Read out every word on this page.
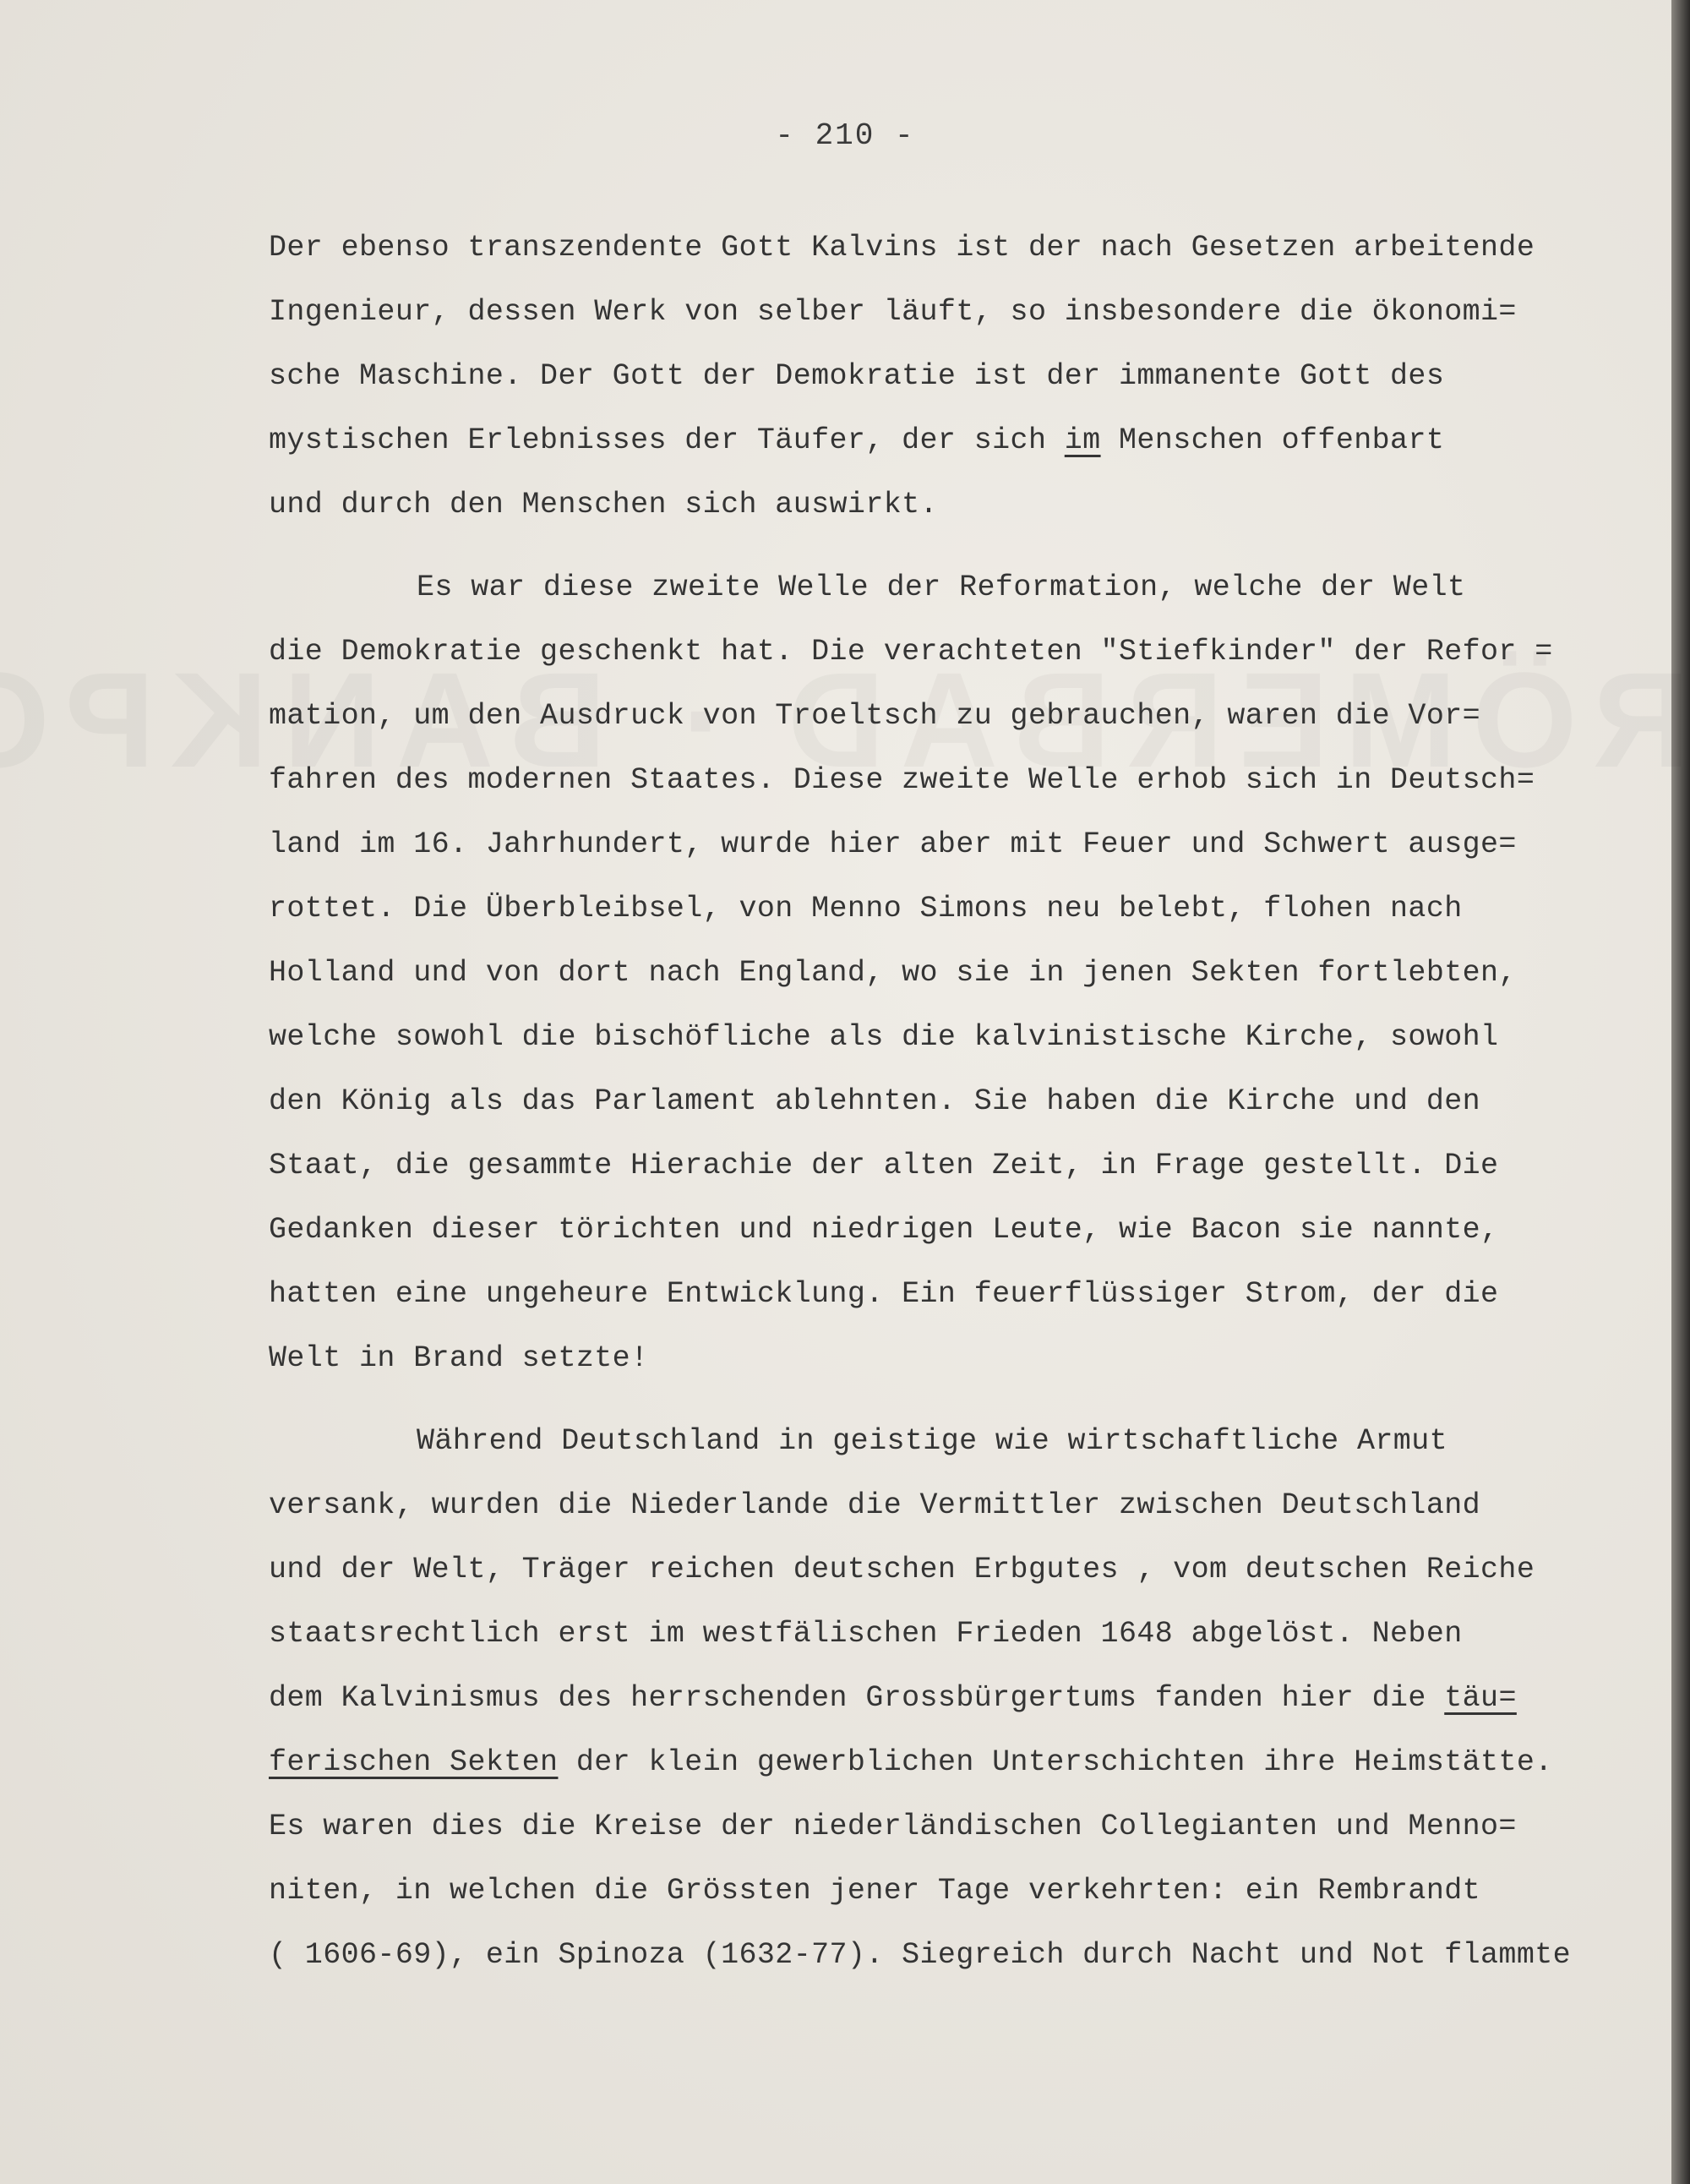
- 210 -
Der ebenso transzendente Gott Kalvins ist der nach Gesetzen arbeitende
Ingenieur, dessen Werk von selber läuft, so insbesondere die ökonomi=
sche Maschine. Der Gott der Demokratie ist der immanente Gott des
mystischen Erlebnisses der Täufer, der sich im Menschen offenbart
und durch den Menschen sich auswirkt.
Es war diese zweite Welle der Reformation, welche der Welt
die Demokratie geschenkt hat. Die verachteten "Stiefkinder" der Refor =
mation, um den Ausdruck von Troeltsch zu gebrauchen, waren die Vor=
fahren des modernen Staates. Diese zweite Welle erhob sich in Deutsch=
land im 16. Jahrhundert, wurde hier aber mit Feuer und Schwert ausge=
rottet. Die Überbleibsel, von Menno Simons neu belebt, flohen nach
Holland und von dort nach England, wo sie in jenen Sekten fortlebten,
welche sowohl die bischöfliche als die kalvinistische Kirche, sowohl
den König als das Parlament ablehnten. Sie haben die Kirche und den
Staat, die gesammte Hierachie der alten Zeit, in Frage gestellt. Die
Gedanken dieser törichten und niedrigen Leute, wie Bacon sie nannte,
hatten eine ungeheure Entwicklung. Ein feuerflüssiger Strom, der die
Welt in Brand setzte!
Während Deutschland in geistige wie wirtschaftliche Armut
versank, wurden die Niederlande die Vermittler zwischen Deutschland
und der Welt, Träger reichen deutschen Erbgutes , vom deutschen Reiche
staatsrechtlich erst im westfälischen Frieden 1648 abgelöst. Neben
dem Kalvinismus des herrschenden Grossbürgertums fanden hier die täu=
ferischen Sekten der klein gewerblichen Unterschichten ihre Heimstätte.
Es waren dies die Kreise der niederländischen Collegianten und Menno=
niten, in welchen die Grössten jener Tage verkehrten: ein Rembrandt
( 1606-69), ein Spinoza (1632-77). Siegreich durch Nacht und Not flammte
